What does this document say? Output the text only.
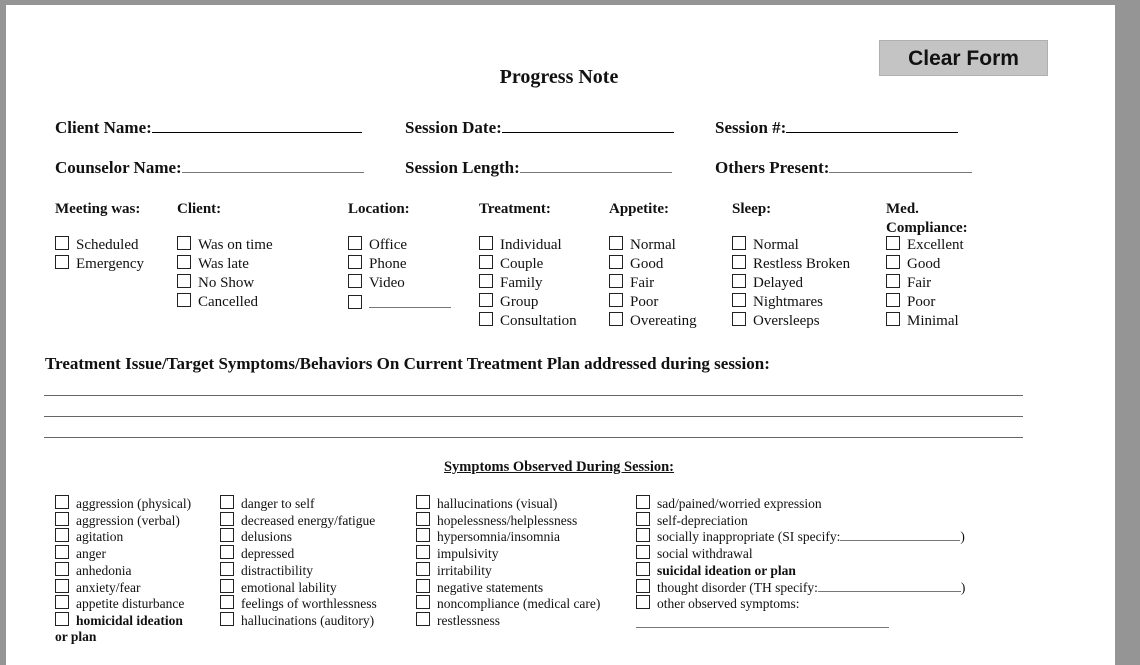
Clear Form
Progress Note
Client Name:	Session Date:	Session #:
Counselor Name:	Session Length:	Others Present:
Meeting was:
Scheduled
Emergency
Client:
Was on time
Was late
No Show
Cancelled
Location:
Office
Phone
Video
Treatment:
Individual
Couple
Family
Group
Consultation
Appetite:
Normal
Good
Fair
Poor
Overeating
Sleep:
Normal
Restless Broken
Delayed
Nightmares
Oversleeps
Med. Compliance:
Excellent
Good
Fair
Poor
Minimal
Treatment Issue/Target Symptoms/Behaviors On Current Treatment Plan addressed during session:
Symptoms Observed During Session:
aggression (physical)
aggression (verbal)
agitation
anger
anhedonia
anxiety/fear
appetite disturbance
homicidal ideation
danger to self
decreased energy/fatigue
delusions
depressed
distractibility
emotional lability
feelings of worthlessness
hallucinations (auditory)
hallucinations (visual)
hopelessness/helplessness
hypersomnia/insomnia
impulsivity
irritability
negative statements
noncompliance (medical care)
restlessness
sad/pained/worried expression
self-depreciation
socially inappropriate (SI specify:	)
social withdrawal
suicidal ideation or plan
thought disorder (TH specify:	)
other observed symptoms:
or plan
